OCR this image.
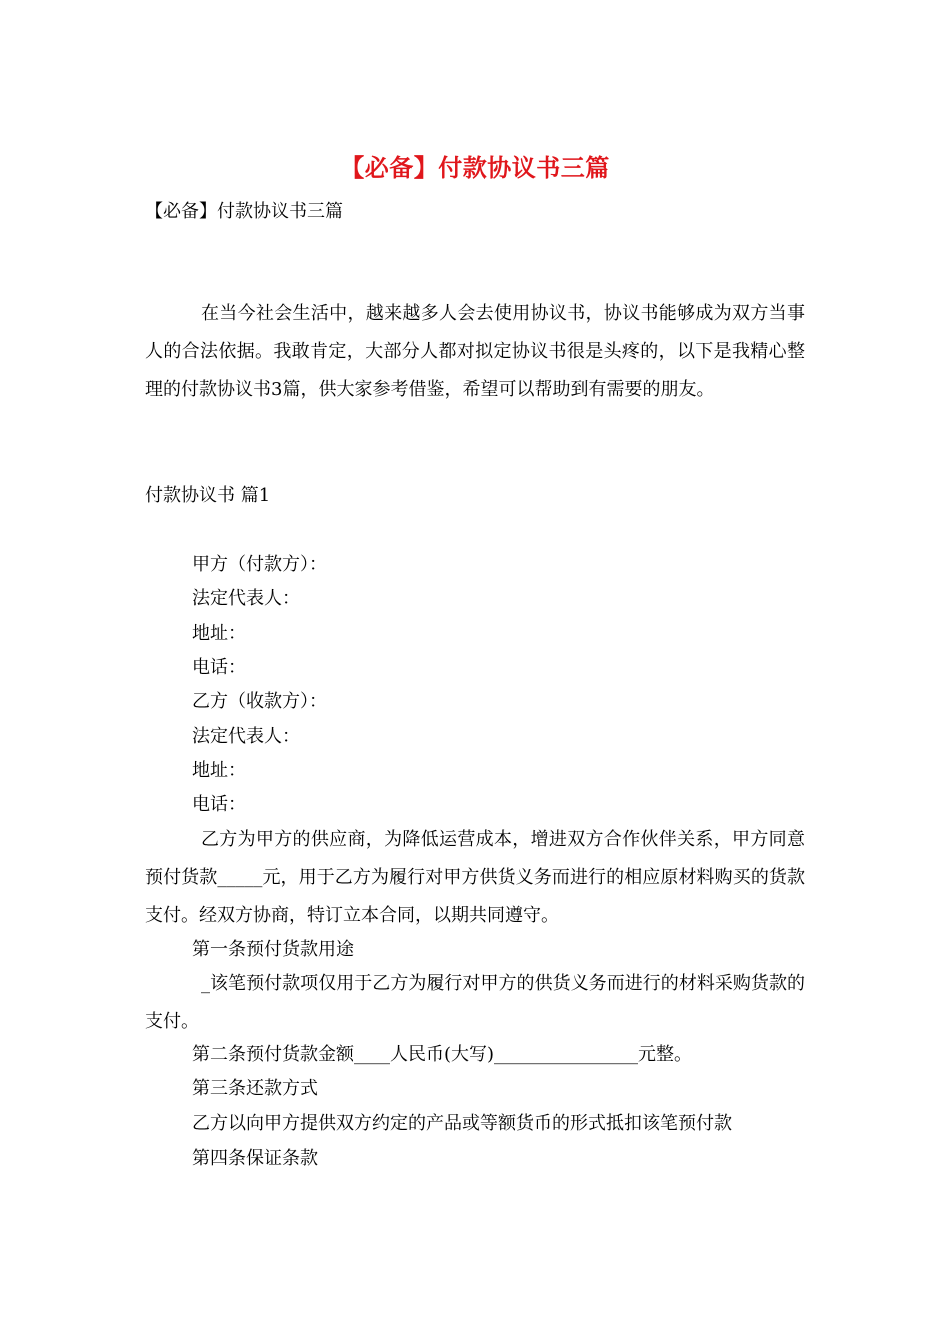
【必备】付款协议书三篇
【必备】付款协议书三篇
在当今社会生活中，越来越多人会去使用协议书，协议书能够成为双方当事人的合法依据。我敢肯定，大部分人都对拟定协议书很是头疼的，以下是我精心整理的付款协议书3篇，供大家参考借鉴，希望可以帮助到有需要的朋友。
付款协议书 篇1
甲方（付款方）：
法定代表人：
地址：
电话：
乙方（收款方）：
法定代表人：
地址：
电话：
乙方为甲方的供应商，为降低运营成本，增进双方合作伙伴关系，甲方同意预付货款_____元，用于乙方为履行对甲方供货义务而进行的相应原材料购买的货款支付。经双方协商，特订立本合同，以期共同遵守。
第一条预付货款用途
_该笔预付款项仅用于乙方为履行对甲方的供货义务而进行的材料采购货款的支付。
第二条预付货款金额____人民币(大写)________________元整。
第三条还款方式
乙方以向甲方提供双方约定的产品或等额货币的形式抵扣该笔预付款
第四条保证条款
